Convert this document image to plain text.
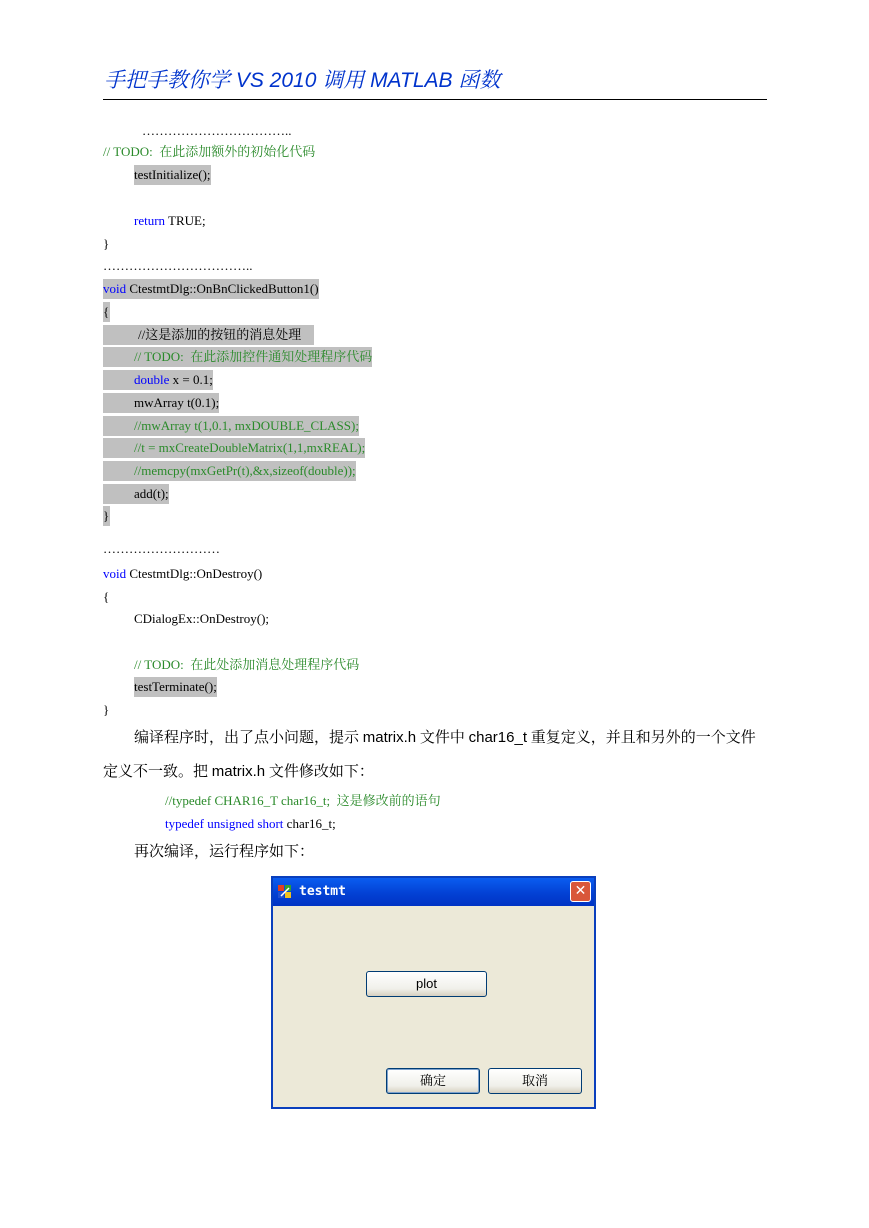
手把手教你学 VS 2010 调用 MATLAB 函数
……………………………..
// TODO:  在此添加额外的初始化代码
testInitialize();
return TRUE;
}
……………………………..
void CtestmtDlg::OnBnClickedButton1()
{
//这是添加的按钮的消息处理
// TODO:  在此添加控件通知处理程序代码
double x = 0.1;
mwArray t(0.1);
//mwArray t(1,0.1, mxDOUBLE_CLASS);
//t = mxCreateDoubleMatrix(1,1,mxREAL);
//memcpy(mxGetPr(t),&x,sizeof(double));
add(t);
}
………………………
void CtestmtDlg::OnDestroy()
{
CDialogEx::OnDestroy();
// TODO:  在此处添加消息处理程序代码
testTerminate();
}
编译程序时，出了点小问题，提示 matrix.h 文件中 char16_t 重复定义，并且和另外的一个文件
定义不一致。把 matrix.h 文件修改如下：
//typedef CHAR16_T char16_t;  这是修改前的语句
typedef unsigned short char16_t;
再次编译，运行程序如下：
testmt	✕
plot
确定	取消
